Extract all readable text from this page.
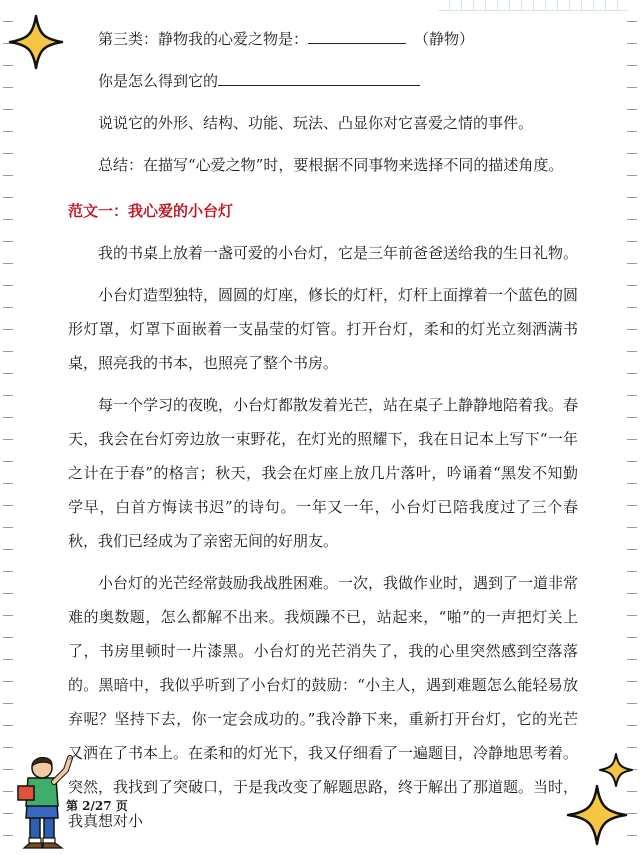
第三类：静物我的心爱之物是：	（静物）

你是怎么得到它的

说说它的外形、结构、功能、玩法、凸显你对它喜爱之情的事件。

总结：在描写“心爱之物”时，要根据不同事物来选择不同的描述角度。

范文一：我心爱的小台灯

我的书桌上放着一盏可爱的小台灯，它是三年前爸爸送给我的生日礼物。

小台灯造型独特，圆圆的灯座，修长的灯杆，灯杆上面撑着一个蓝色的圆形灯罩，灯罩下面嵌着一支晶莹的灯管。打开台灯，柔和的灯光立刻洒满书桌，照亮我的书本，也照亮了整个书房。

每一个学习的夜晚，小台灯都散发着光芒，站在桌子上静静地陪着我。春天，我会在台灯旁边放一束野花，在灯光的照耀下，我在日记本上写下“一年之计在于春”的格言；秋天，我会在灯座上放几片落叶，吟诵着“黑发不知勤学早，白首方悔读书迟”的诗句。一年又一年，小台灯已陪我度过了三个春秋，我们已经成为了亲密无间的好朋友。

小台灯的光芒经常鼓励我战胜困难。一次，我做作业时，遇到了一道非常难的奥数题，怎么都解不出来。我烦躁不已，站起来，“啪”的一声把灯关上了，书房里顿时一片漆黑。小台灯的光芒消失了，我的心里突然感到空落落的。黑暗中，我似乎听到了小台灯的鼓励：“小主人，遇到难题怎么能轻易放弃呢？坚持下去，你一定会成功的。”我冷静下来，重新打开台灯，它的光芒又洒在了书本上。在柔和的灯光下，我又仔细看了一遍题目，冷静地思考着。突然，我找到了突破口，于是我改变了解题思路，终于解出了那道题。当时，我真想对小

第 2/27 页
